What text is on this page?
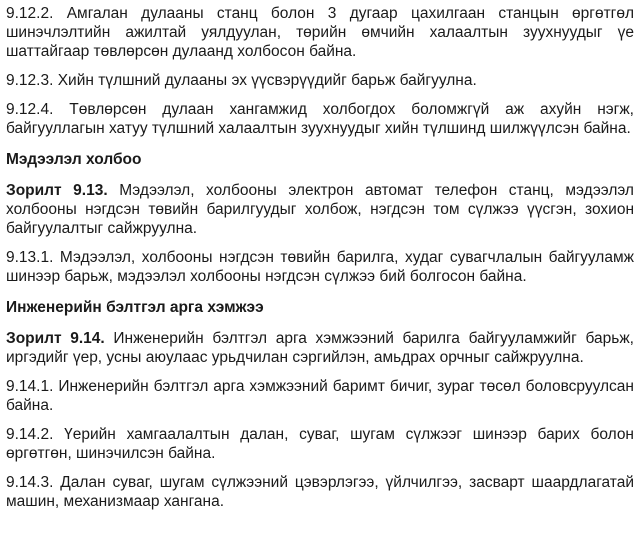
9.12.2. Амгалан дулааны станц болон 3 дугаар цахилгаан станцын өргөтгөл шинэчлэлтийн ажилтай уялдуулан, төрийн өмчийн халаалтын зуухнуудыг үе шаттайгаар төвлөрсөн дулаанд холбосон байна.

9.12.3. Хийн түлшний дулааны эх үүсвэрүүдийг барьж байгуулна.

9.12.4. Төвлөрсөн дулаан хангамжид холбогдох боломжгүй аж ахуйн нэгж, байгууллагын хатуу түлшний халаалтын зуухнуудыг хийн түлшинд шилжүүлсэн байна.

Мэдээлэл холбоо

Зорилт 9.13. Мэдээлэл, холбооны электрон автомат телефон станц, мэдээлэл холбооны нэгдсэн төвийн барилгуудыг холбож, нэгдсэн том сүлжээ үүсгэн, зохион байгуулалтыг сайжруулна.

9.13.1. Мэдээлэл, холбооны нэгдсэн төвийн барилга, худаг сувагчлалын байгууламж шинээр барьж, мэдээлэл холбооны нэгдсэн сүлжээ бий болгосон байна.

Инженерийн бэлтгэл арга хэмжээ

Зорилт 9.14. Инженерийн бэлтгэл арга хэмжээний барилга байгууламжийг барьж, иргэдийг үер, усны аюулаас урьдчилан сэргийлэн, амьдрах орчныг сайжруулна.

9.14.1. Инженерийн бэлтгэл арга хэмжээний баримт бичиг, зураг төсөл боловсруулсан байна.

9.14.2. Үерийн хамгаалалтын далан, суваг, шугам сүлжээг шинээр барих болон өргөтгөн, шинэчилсэн байна.

9.14.3. Далан суваг, шугам сүлжээний цэвэрлэгээ, үйлчилгээ, засварт шаардлагатай машин, механизмаар хангана.
